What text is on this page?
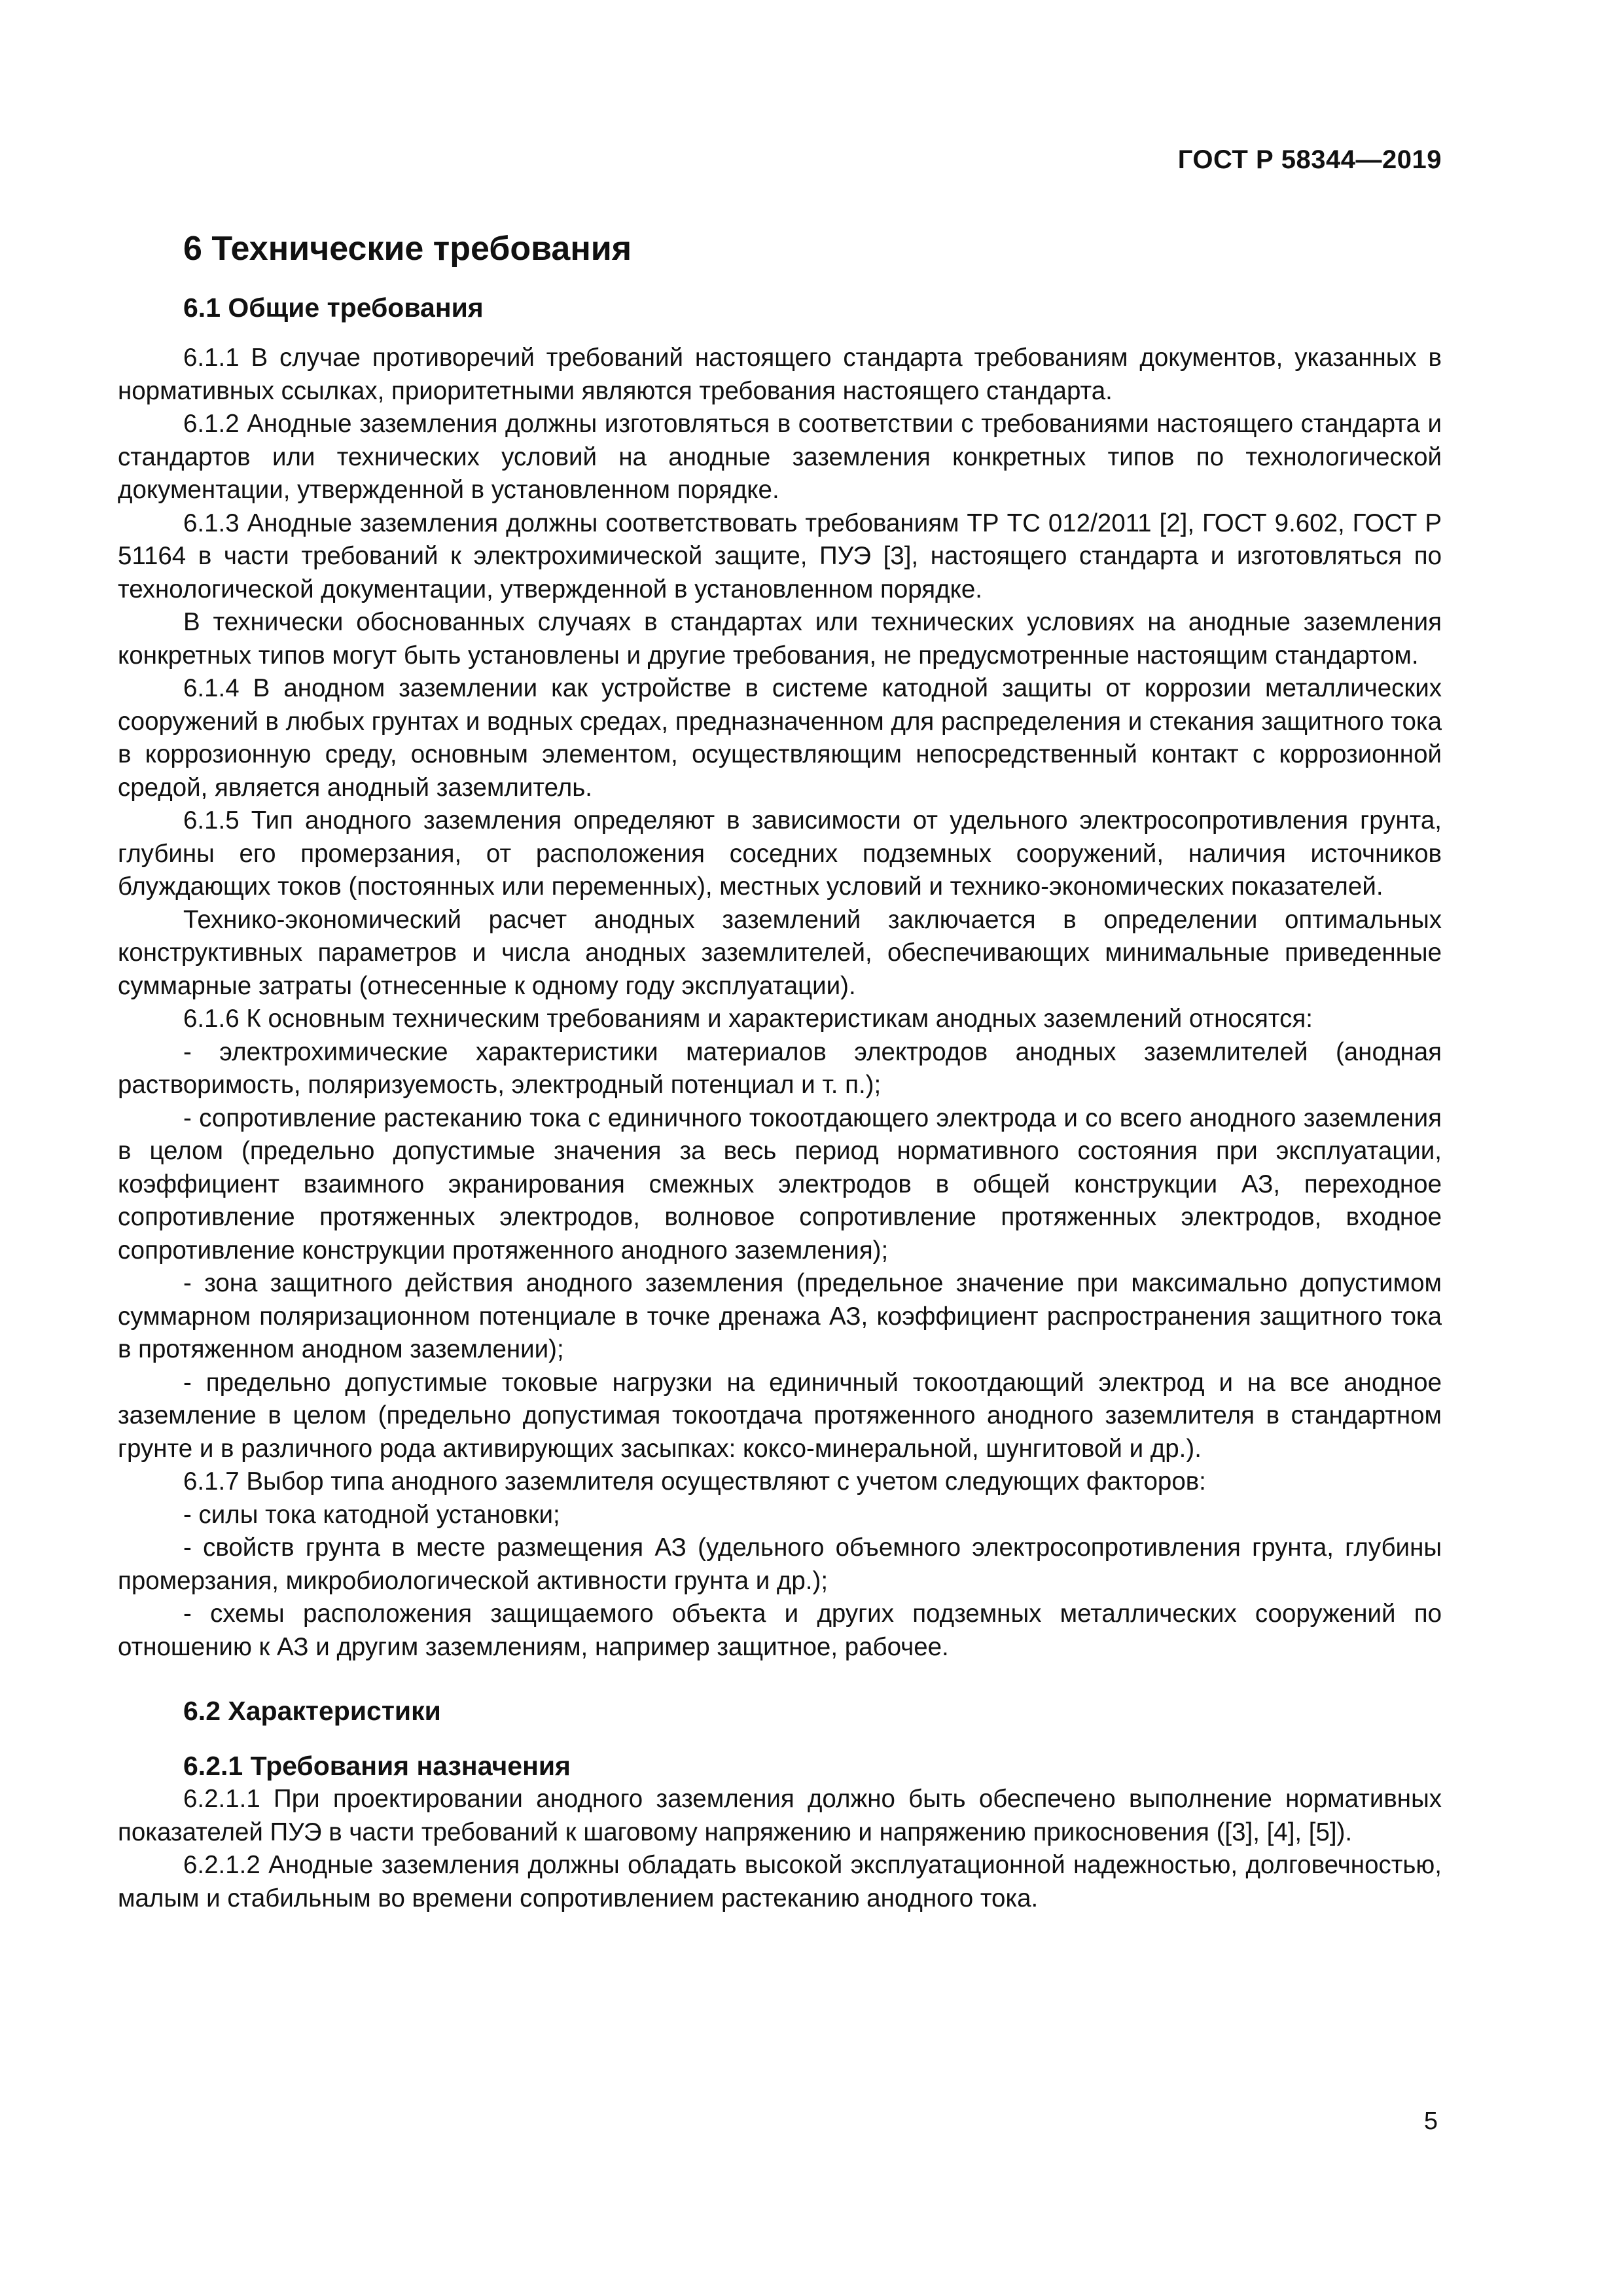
ГОСТ Р 58344—2019
6 Технические требования
6.1 Общие требования

6.1.1 В случае противоречий требований настоящего стандарта требованиям документов, указанных в нормативных ссылках, приоритетными являются требования настоящего стандарта.

6.1.2 Анодные заземления должны изготовляться в соответствии с требованиями настоящего стандарта и стандартов или технических условий на анодные заземления конкретных типов по технологической документации, утвержденной в установленном порядке.

6.1.3 Анодные заземления должны соответствовать требованиям ТР ТС 012/2011 [2], ГОСТ 9.602, ГОСТ Р 51164 в части требований к электрохимической защите, ПУЭ [3], настоящего стандарта и изготовляться по технологической документации, утвержденной в установленном порядке.

В технически обоснованных случаях в стандартах или технических условиях на анодные заземления конкретных типов могут быть установлены и другие требования, не предусмотренные настоящим стандартом.

6.1.4 В анодном заземлении как устройстве в системе катодной защиты от коррозии металлических сооружений в любых грунтах и водных средах, предназначенном для распределения и стекания защитного тока в коррозионную среду, основным элементом, осуществляющим непосредственный контакт с коррозионной средой, является анодный заземлитель.

6.1.5 Тип анодного заземления определяют в зависимости от удельного электросопротивления грунта, глубины его промерзания, от расположения соседних подземных сооружений, наличия источников блуждающих токов (постоянных или переменных), местных условий и технико-экономических показателей.

Технико-экономический расчет анодных заземлений заключается в определении оптимальных конструктивных параметров и числа анодных заземлителей, обеспечивающих минимальные приведенные суммарные затраты (отнесенные к одному году эксплуатации).

6.1.6 К основным техническим требованиям и характеристикам анодных заземлений относятся:

- электрохимические характеристики материалов электродов анодных заземлителей (анодная растворимость, поляризуемость, электродный потенциал и т. п.);

- сопротивление растеканию тока с единичного токоотдающего электрода и со всего анодного заземления в целом (предельно допустимые значения за весь период нормативного состояния при эксплуатации, коэффициент взаимного экранирования смежных электродов в общей конструкции АЗ, переходное сопротивление протяженных электродов, волновое сопротивление протяженных электродов, входное сопротивление конструкции протяженного анодного заземления);

- зона защитного действия анодного заземления (предельное значение при максимально допустимом суммарном поляризационном потенциале в точке дренажа АЗ, коэффициент распространения защитного тока в протяженном анодном заземлении);

- предельно допустимые токовые нагрузки на единичный токоотдающий электрод и на все анодное заземление в целом (предельно допустимая токоотдача протяженного анодного заземлителя в стандартном грунте и в различного рода активирующих засыпках: коксо-минеральной, шунгитовой и др.).

6.1.7 Выбор типа анодного заземлителя осуществляют с учетом следующих факторов:

- силы тока катодной установки;

- свойств грунта в месте размещения АЗ (удельного объемного электросопротивления грунта, глубины промерзания, микробиологической активности грунта и др.);

- схемы расположения защищаемого объекта и других подземных металлических сооружений по отношению к АЗ и другим заземлениям, например защитное, рабочее.

6.2 Характеристики
6.2.1 Требования назначения

6.2.1.1 При проектировании анодного заземления должно быть обеспечено выполнение нормативных показателей ПУЭ в части требований к шаговому напряжению и напряжению прикосновения ([3], [4], [5]).

6.2.1.2 Анодные заземления должны обладать высокой эксплуатационной надежностью, долговечностью, малым и стабильным во времени сопротивлением растеканию анодного тока.

5
